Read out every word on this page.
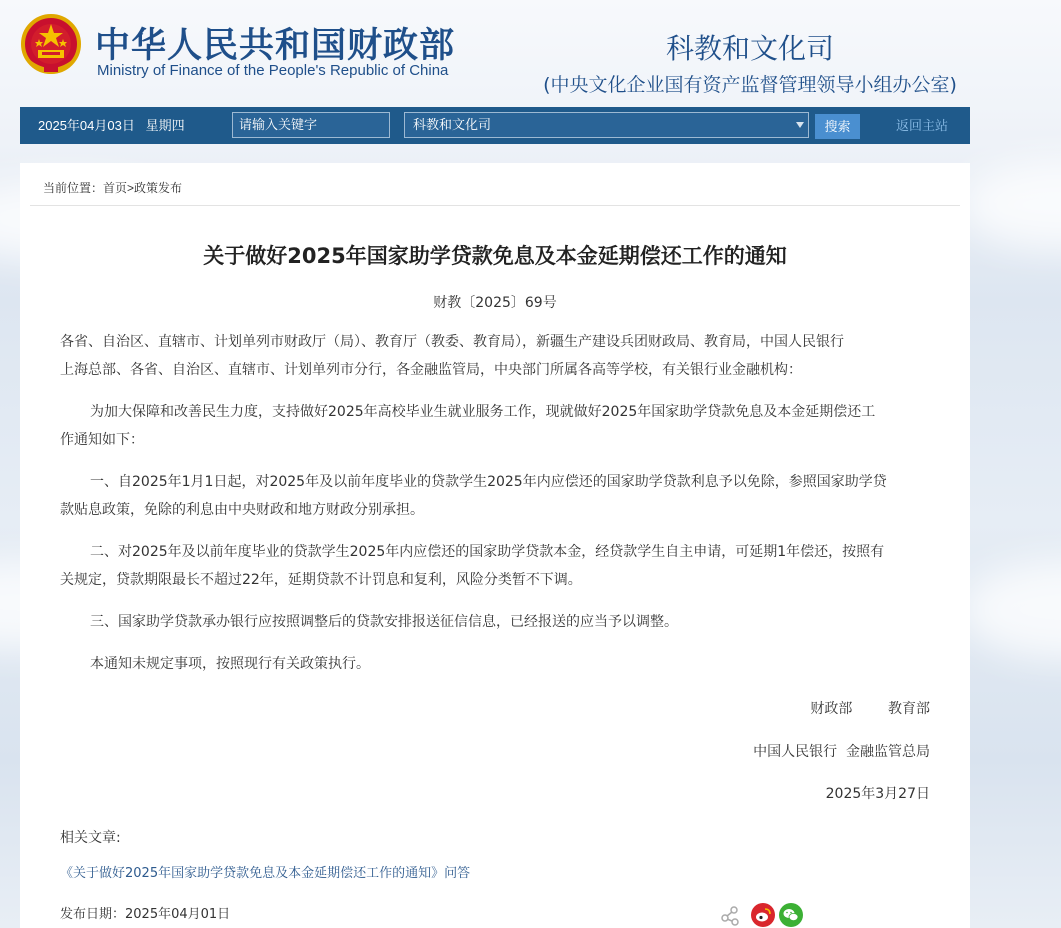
中华人民共和国财政部
Ministry of Finance of the People's Republic of China
科教和文化司
(中央文化企业国有资产监督管理领导小组办公室)
2025年04月03日   星期四	请输入关键字	科教和文化司	搜索	返回主站
当前位置：首页>政策发布
关于做好2025年国家助学贷款免息及本金延期偿还工作的通知
财教〔2025〕69号
各省、自治区、直辖市、计划单列市财政厅（局）、教育厅（教委、教育局），新疆生产建设兵团财政局、教育局，中国人民银行
上海总部、各省、自治区、直辖市、计划单列市分行，各金融监管局，中央部门所属各高等学校，有关银行业金融机构：
为加大保障和改善民生力度，支持做好2025年高校毕业生就业服务工作，现就做好2025年国家助学贷款免息及本金延期偿还工
作通知如下：
一、自2025年1月1日起，对2025年及以前年度毕业的贷款学生2025年内应偿还的国家助学贷款利息予以免除，参照国家助学贷
款贴息政策，免除的利息由中央财政和地方财政分别承担。
二、对2025年及以前年度毕业的贷款学生2025年内应偿还的国家助学贷款本金，经贷款学生自主申请，可延期1年偿还，按照有
关规定，贷款期限最长不超过22年，延期贷款不计罚息和复利，风险分类暂不下调。
三、国家助学贷款承办银行应按照调整后的贷款安排报送征信信息，已经报送的应当予以调整。
本通知未规定事项，按照现行有关政策执行。
财政部        教育部
中国人民银行  金融监管总局
2025年3月27日
相关文章:
《关于做好2025年国家助学贷款免息及本金延期偿还工作的通知》问答
发布日期：2025年04月01日
